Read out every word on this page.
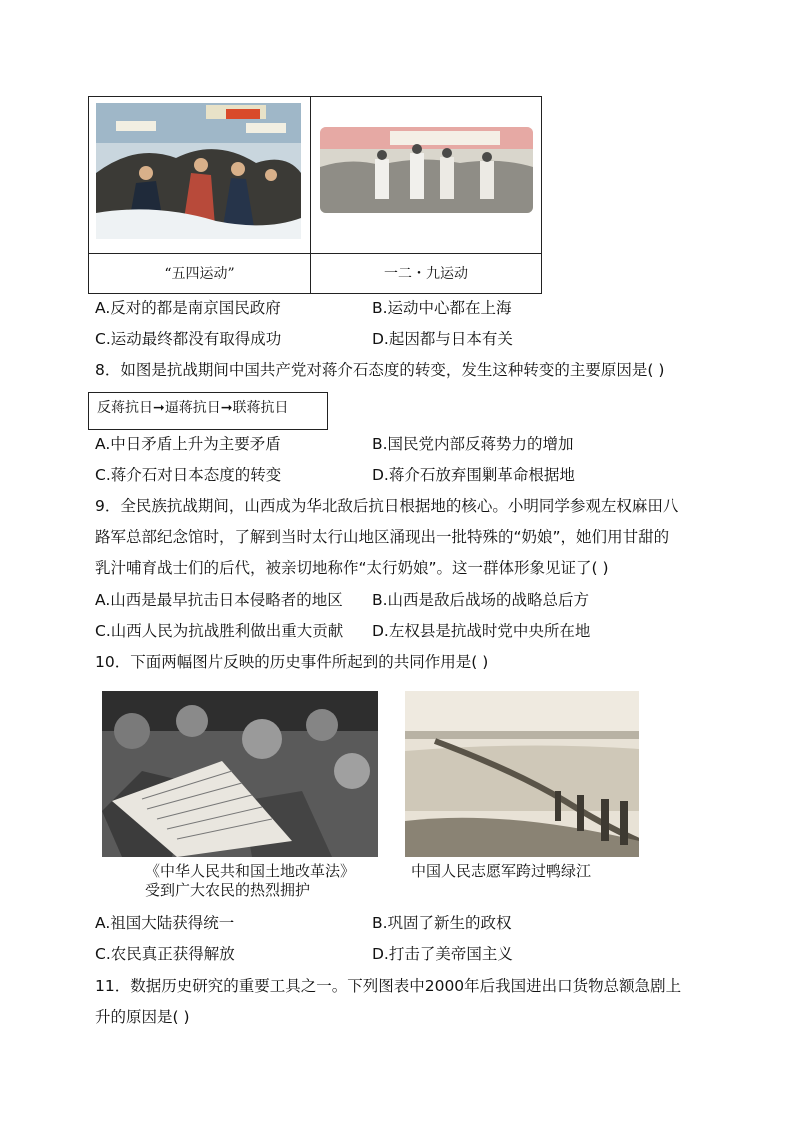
“五四运动”	一二・九运动
A.反对的都是南京国民政府	B.运动中心都在上海
C.运动最终都没有取得成功	D.起因都与日本有关
8．如图是抗战期间中国共产党对蒋介石态度的转变，发生这种转变的主要原因是( )
反蒋抗日➞逼蒋抗日➞联蒋抗日
A.中日矛盾上升为主要矛盾	B.国民党内部反蒋势力的增加
C.蒋介石对日本态度的转变	D.蒋介石放弃围剿革命根据地
9．全民族抗战期间，山西成为华北敌后抗日根据地的核心。小明同学参观左权麻田八
路军总部纪念馆时，了解到当时太行山地区涌现出一批特殊的“奶娘”，她们用甘甜的
乳汁哺育战士们的后代，被亲切地称作“太行奶娘”。这一群体形象见证了( )
A.山西是最早抗击日本侵略者的地区 B.山西是敌后战场的战略总后方
C.山西人民为抗战胜利做出重大贡献 D.左权县是抗战时党中央所在地
10．下面两幅图片反映的历史事件所起到的共同作用是( )
《中华人民共和国土地改革法》
受到广大农民的热烈拥护
中国人民志愿军跨过鸭绿江
A.祖国大陆获得统一	B.巩固了新生的政权
C.农民真正获得解放	D.打击了美帝国主义
11．数据历史研究的重要工具之一。下列图表中2000年后我国进出口货物总额急剧上
升的原因是( )
